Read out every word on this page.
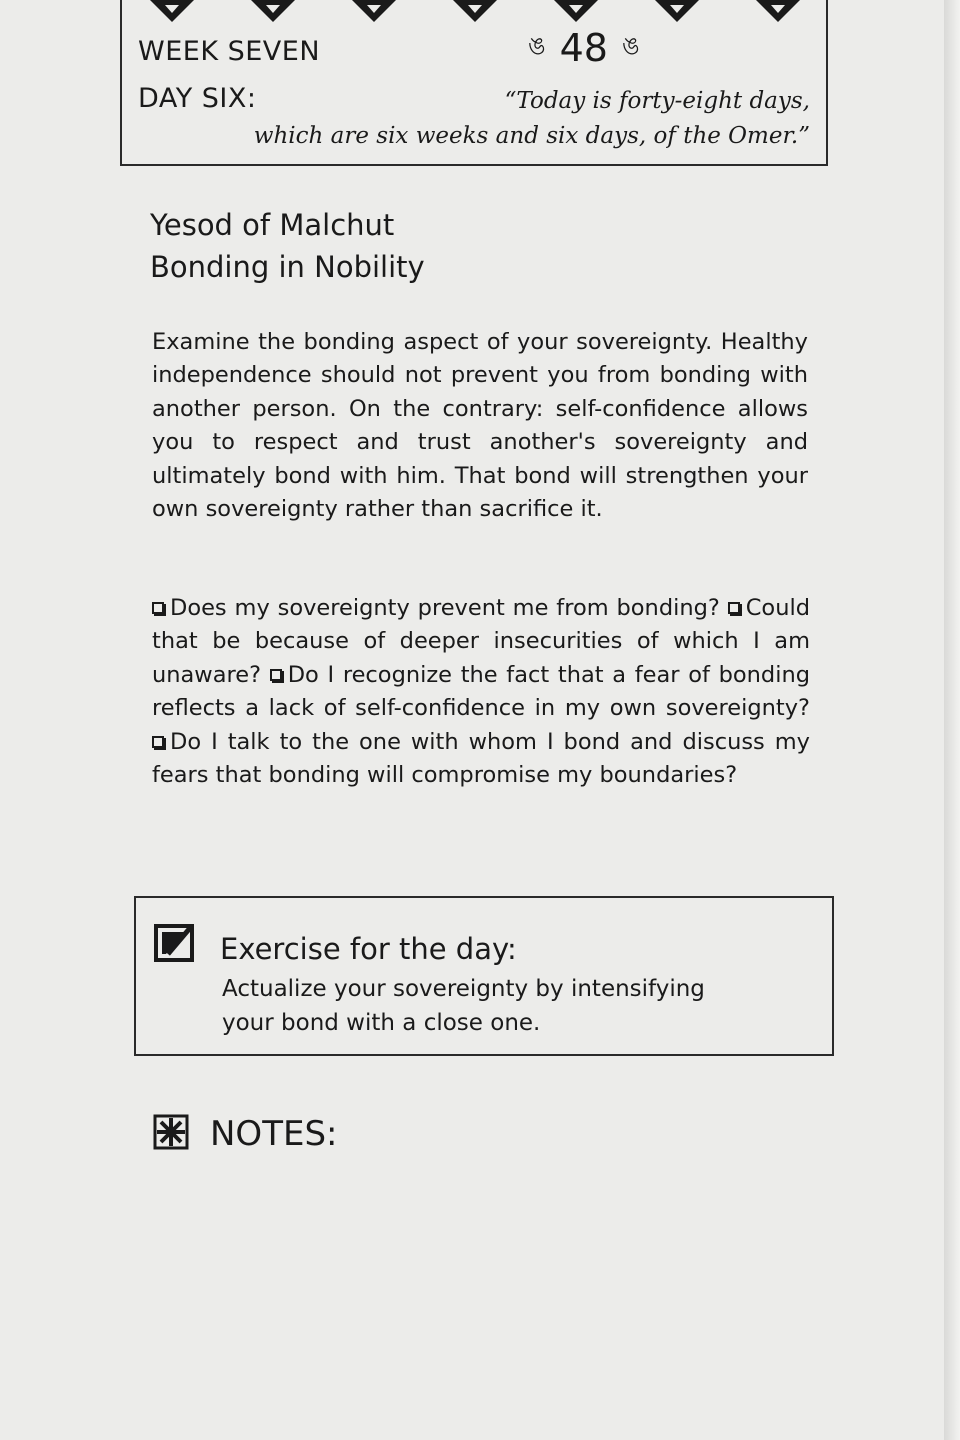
WEEK SEVEN
DAY SIX:
ঙ 48 ঙ
“Today is forty-eight days,
which are six weeks and six days, of the Omer.”
Yesod of Malchut
Bonding in Nobility
Examine the bonding aspect of your sovereignty. Healthy independence should not prevent you from bonding with another person. On the contrary: self-confidence allows you to respect and trust another's sovereignty and ultimately bond with him. That bond will strengthen your own sovereignty rather than sacrifice it.
Does my sovereignty prevent me from bonding? Could that be because of deeper insecurities of which I am unaware? Do I recognize the fact that a fear of bonding reflects a lack of self-confidence in my own sovereignty? Do I talk to the one with whom I bond and discuss my fears that bonding will compromise my boundaries?
Exercise for the day:
Actualize your sovereignty by intensifying
your bond with a close one.
NOTES:
